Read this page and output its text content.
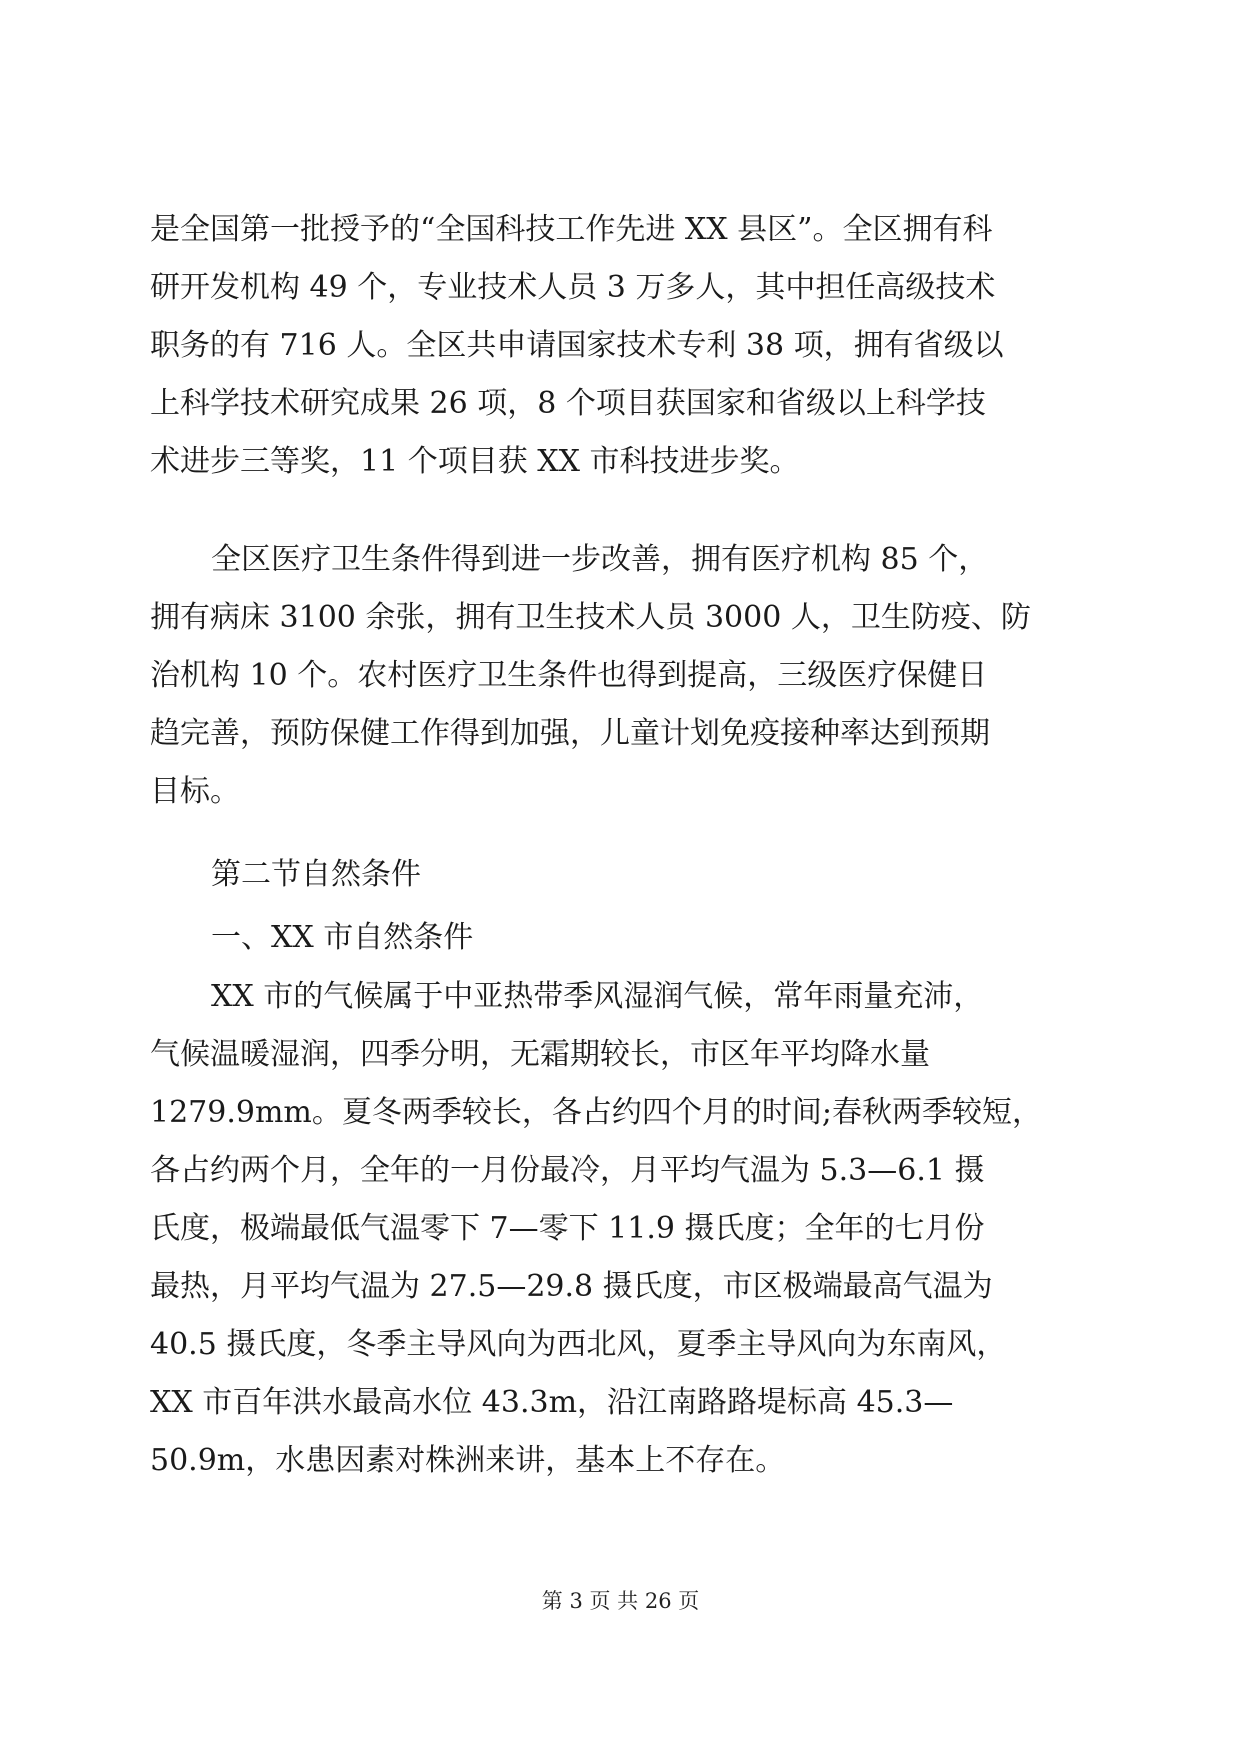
是全国第一批授予的“全国科技工作先进 XX 县区”。全区拥有科
研开发机构 49 个，专业技术人员 3 万多人，其中担任高级技术
职务的有 716 人。全区共申请国家技术专利 38 项，拥有省级以
上科学技术研究成果 26 项，8 个项目获国家和省级以上科学技
术进步三等奖，11 个项目获 XX 市科技进步奖。
全区医疗卫生条件得到进一步改善，拥有医疗机构 85 个，
拥有病床 3100 余张，拥有卫生技术人员 3000 人，卫生防疫、防
治机构 10 个。农村医疗卫生条件也得到提高，三级医疗保健日
趋完善，预防保健工作得到加强，儿童计划免疫接种率达到预期
目标。
第二节自然条件
一、XX 市自然条件
XX 市的气候属于中亚热带季风湿润气候，常年雨量充沛，
气候温暖湿润，四季分明，无霜期较长，市区年平均降水量
1279.9mm。夏冬两季较长，各占约四个月的时间;春秋两季较短，
各占约两个月，全年的一月份最冷，月平均气温为 5.3—6.1 摄
氏度，极端最低气温零下 7—零下 11.9 摄氏度；全年的七月份
最热，月平均气温为 27.5—29.8 摄氏度，市区极端最高气温为
40.5 摄氏度，冬季主导风向为西北风，夏季主导风向为东南风，
XX 市百年洪水最高水位 43.3m，沿江南路路堤标高 45.3—
50.9m，水患因素对株洲来讲，基本上不存在。
第 3 页 共 26 页
